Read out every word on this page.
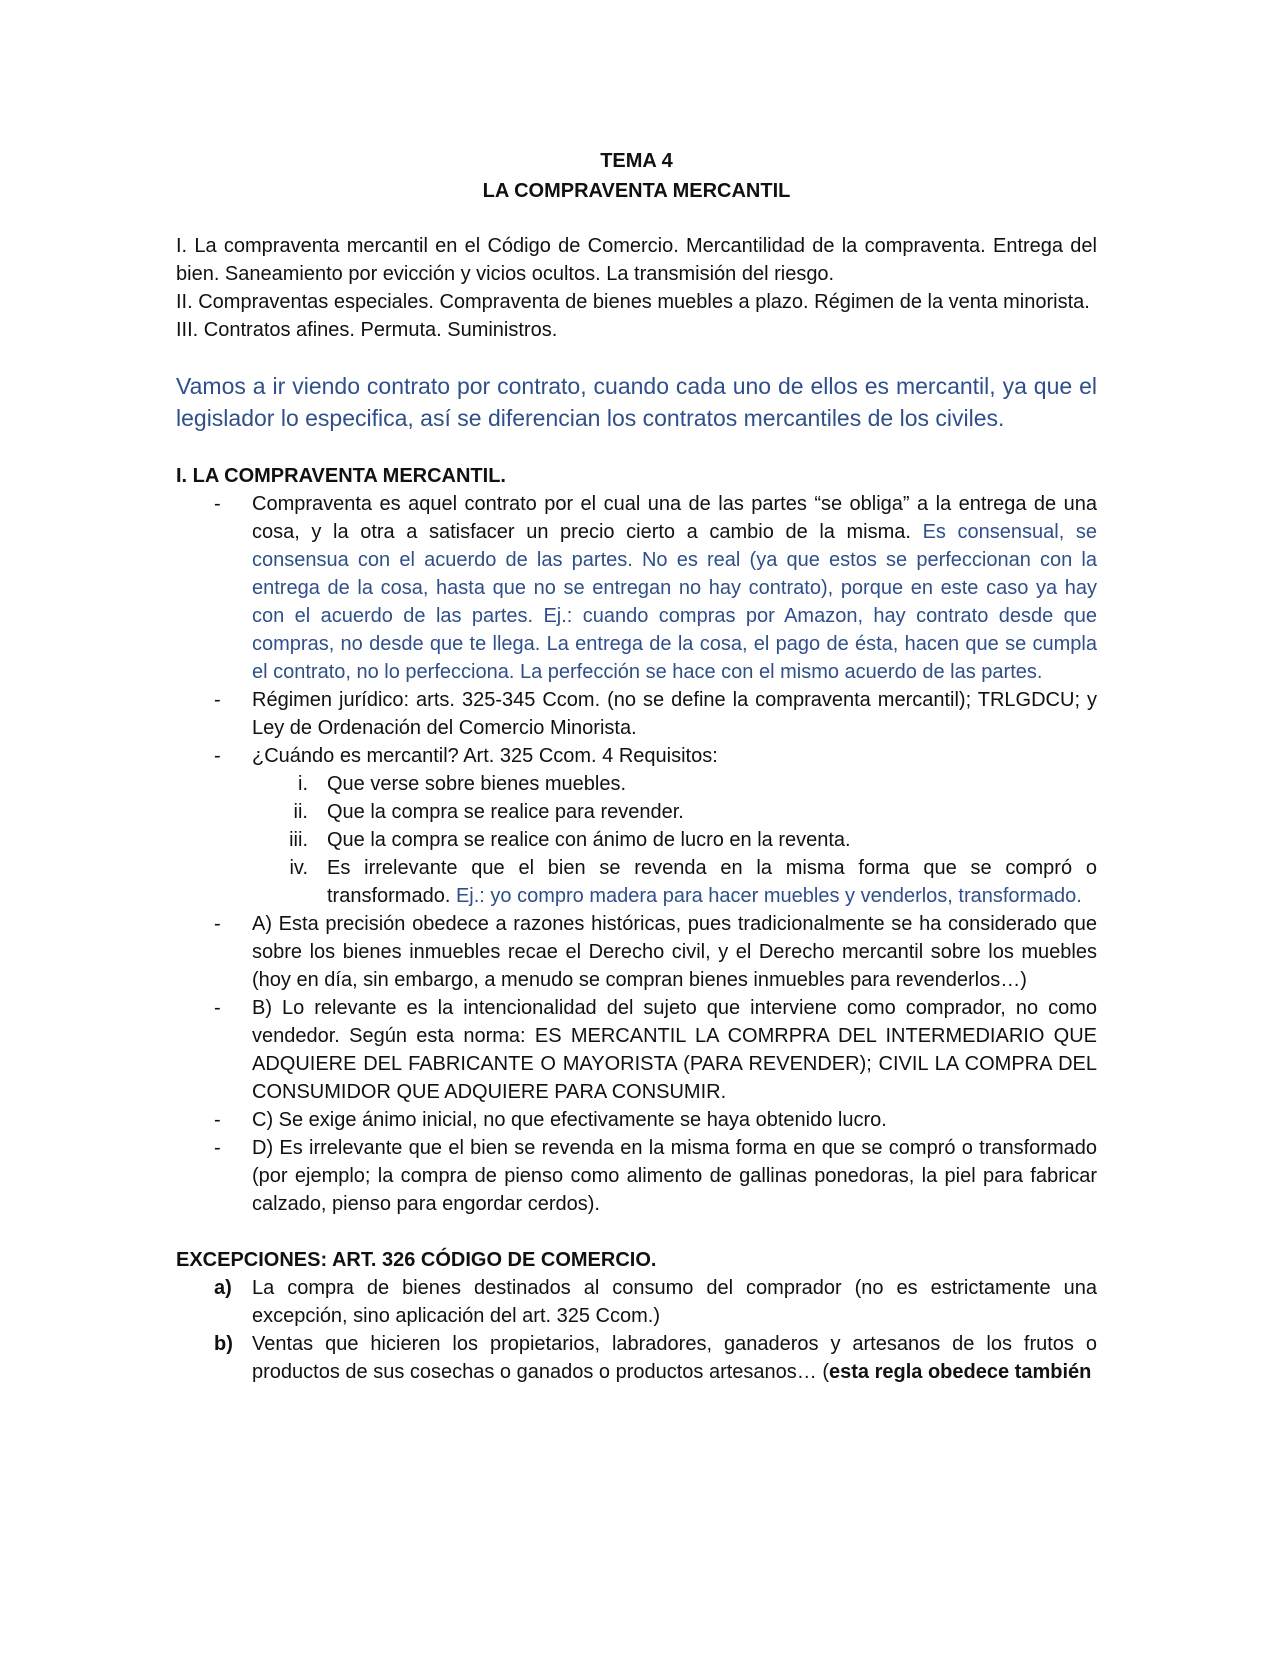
TEMA 4
LA COMPRAVENTA MERCANTIL
I. La compraventa mercantil en el Código de Comercio. Mercantilidad de la compraventa. Entrega del bien. Saneamiento por evicción y vicios ocultos. La transmisión del riesgo.
II. Compraventas especiales. Compraventa de bienes muebles a plazo. Régimen de la venta minorista.
III. Contratos afines. Permuta. Suministros.
Vamos a ir viendo contrato por contrato, cuando cada uno de ellos es mercantil, ya que el legislador lo especifica, así se diferencian los contratos mercantiles de los civiles.
I. LA COMPRAVENTA MERCANTIL.
- Compraventa es aquel contrato por el cual una de las partes “se obliga” a la entrega de una cosa, y la otra a satisfacer un precio cierto a cambio de la misma. Es consensual, se consensua con el acuerdo de las partes. No es real (ya que estos se perfeccionan con la entrega de la cosa, hasta que no se entregan no hay contrato), porque en este caso ya hay con el acuerdo de las partes. Ej.: cuando compras por Amazon, hay contrato desde que compras, no desde que te llega. La entrega de la cosa, el pago de ésta, hacen que se cumpla el contrato, no lo perfecciona. La perfección se hace con el mismo acuerdo de las partes.
- Régimen jurídico: arts. 325-345 Ccom. (no se define la compraventa mercantil); TRLGDCU; y Ley de Ordenación del Comercio Minorista.
- ¿Cuándo es mercantil? Art. 325 Ccom. 4 Requisitos:
i. Que verse sobre bienes muebles.
ii. Que la compra se realice para revender.
iii. Que la compra se realice con ánimo de lucro en la reventa.
iv. Es irrelevante que el bien se revenda en la misma forma que se compró o transformado. Ej.: yo compro madera para hacer muebles y venderlos, transformado.
- A) Esta precisión obedece a razones históricas, pues tradicionalmente se ha considerado que sobre los bienes inmuebles recae el Derecho civil, y el Derecho mercantil sobre los muebles (hoy en día, sin embargo, a menudo se compran bienes inmuebles para revenderlos…)
- B) Lo relevante es la intencionalidad del sujeto que interviene como comprador, no como vendedor. Según esta norma: ES MERCANTIL LA COMRPRA DEL INTERMEDIARIO QUE ADQUIERE DEL FABRICANTE O MAYORISTA (PARA REVENDER); CIVIL LA COMPRA DEL CONSUMIDOR QUE ADQUIERE PARA CONSUMIR.
- C) Se exige ánimo inicial, no que efectivamente se haya obtenido lucro.
- D) Es irrelevante que el bien se revenda en la misma forma en que se compró o transformado (por ejemplo; la compra de pienso como alimento de gallinas ponedoras, la piel para fabricar calzado, pienso para engordar cerdos).
EXCEPCIONES: ART. 326 CÓDIGO DE COMERCIO.
a) La compra de bienes destinados al consumo del comprador (no es estrictamente una excepción, sino aplicación del art. 325 Ccom.)
b) Ventas que hicieren los propietarios, labradores, ganaderos y artesanos de los frutos o productos de sus cosechas o ganados o productos artesanos… (esta regla obedece también
